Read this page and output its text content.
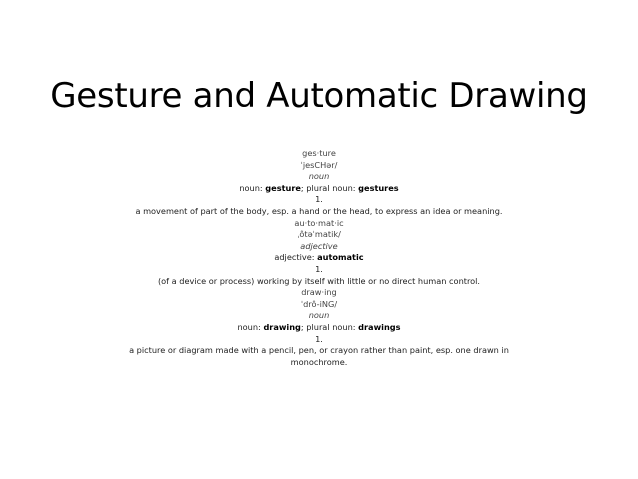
Gesture and Automatic Drawing
ges·ture
ˈjesCHər/
noun
noun: gesture; plural noun: gestures
1.
a movement of part of the body, esp. a hand or the head, to express an idea or meaning.
au·to·mat·ic
ˌôtəˈmatik/
adjective
adjective: automatic
1.
(of a device or process) working by itself with little or no direct human control.
draw·ing
ˈdrô-iNG/
noun
noun: drawing; plural noun: drawings
1.
a picture or diagram made with a pencil, pen, or crayon rather than paint, esp. one drawn in
monochrome.
